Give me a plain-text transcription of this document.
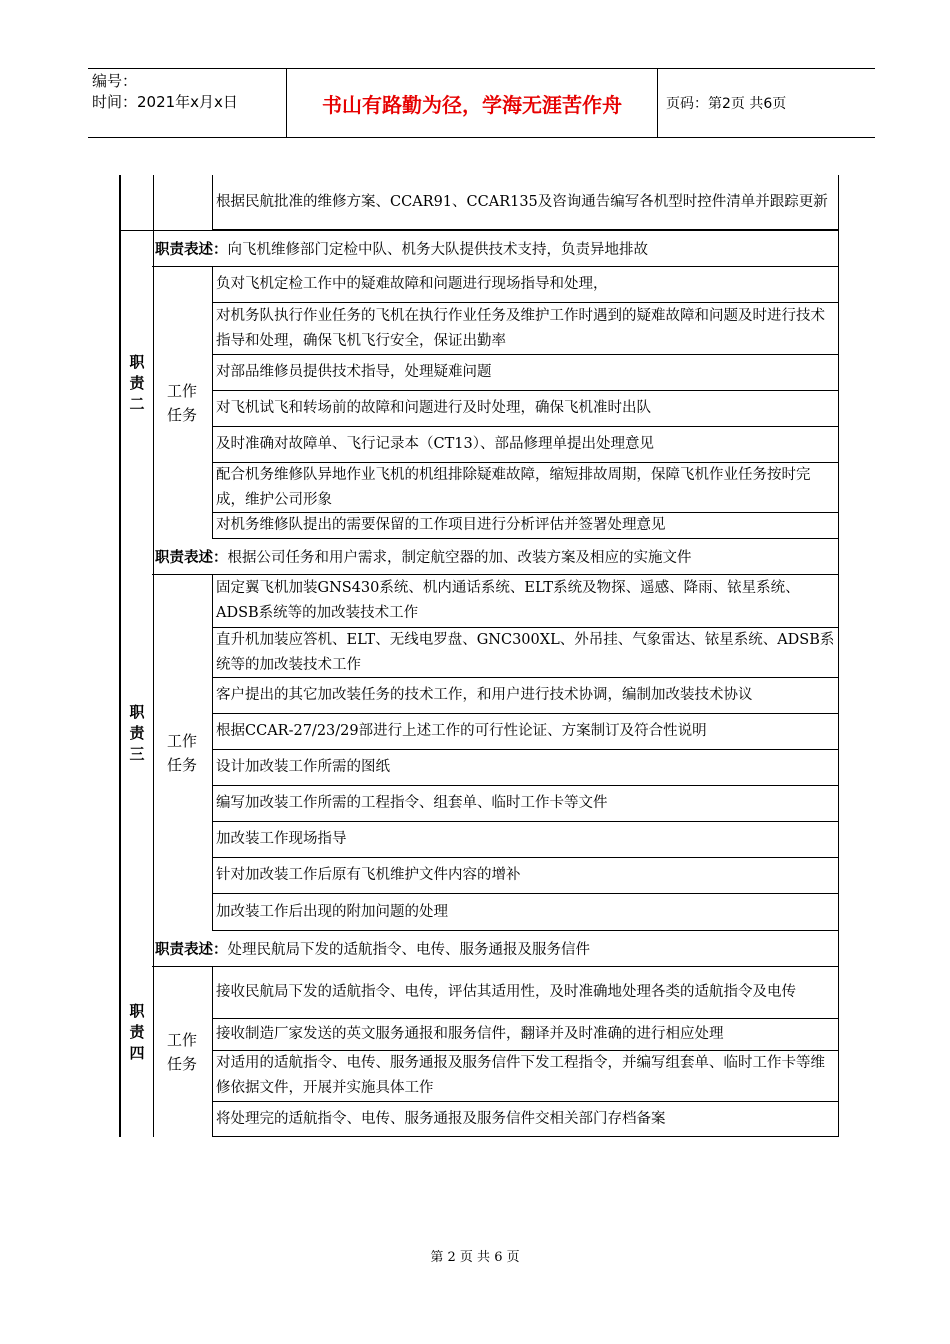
编号：
时间：2021年x月x日	书山有路勤为径，学海无涯苦作舟	页码：第2页 共6页
根据民航批准的维修方案、CCAR91、CCAR135及咨询通告编写各机型时控件清单并跟踪更新
职责二
职责表述： 向飞机维修部门定检中队、机务大队提供技术支持，负责异地排故
工作任务
负对飞机定检工作中的疑难故障和问题进行现场指导和处理，
对机务队执行作业任务的飞机在执行作业任务及维护工作时遇到的疑难故障和问题及时进行技术指导和处理，确保飞机飞行安全，保证出勤率
对部品维修员提供技术指导，处理疑难问题
对飞机试飞和转场前的故障和问题进行及时处理，确保飞机准时出队
及时准确对故障单、飞行记录本（CT13）、部品修理单提出处理意见
配合机务维修队异地作业飞机的机组排除疑难故障，缩短排故周期，保障飞机作业任务按时完成，维护公司形象
对机务维修队提出的需要保留的工作项目进行分析评估并签署处理意见
职责三
职责表述： 根据公司任务和用户需求，制定航空器的加、改装方案及相应的实施文件
工作任务
固定翼飞机加装GNS430系统、机内通话系统、ELT系统及物探、遥感、降雨、铱星系统、ADSB系统等的加改装技术工作
直升机加装应答机、ELT、无线电罗盘、GNC300XL、外吊挂、气象雷达、铱星系统、ADSB系统等的加改装技术工作
客户提出的其它加改装任务的技术工作，和用户进行技术协调，编制加改装技术协议
根据CCAR-27/23/29部进行上述工作的可行性论证、方案制订及符合性说明
设计加改装工作所需的图纸
编写加改装工作所需的工程指令、组套单、临时工作卡等文件
加改装工作现场指导
针对加改装工作后原有飞机维护文件内容的增补
加改装工作后出现的附加问题的处理
职责四
职责表述： 处理民航局下发的适航指令、电传、服务通报及服务信件
工作任务
接收民航局下发的适航指令、电传，评估其适用性，及时准确地处理各类的适航指令及电传
接收制造厂家发送的英文服务通报和服务信件，翻译并及时准确的进行相应处理
对适用的适航指令、电传、服务通报及服务信件下发工程指令，并编写组套单、临时工作卡等维修依据文件，开展并实施具体工作
将处理完的适航指令、电传、服务通报及服务信件交相关部门存档备案
第 2 页 共 6 页
